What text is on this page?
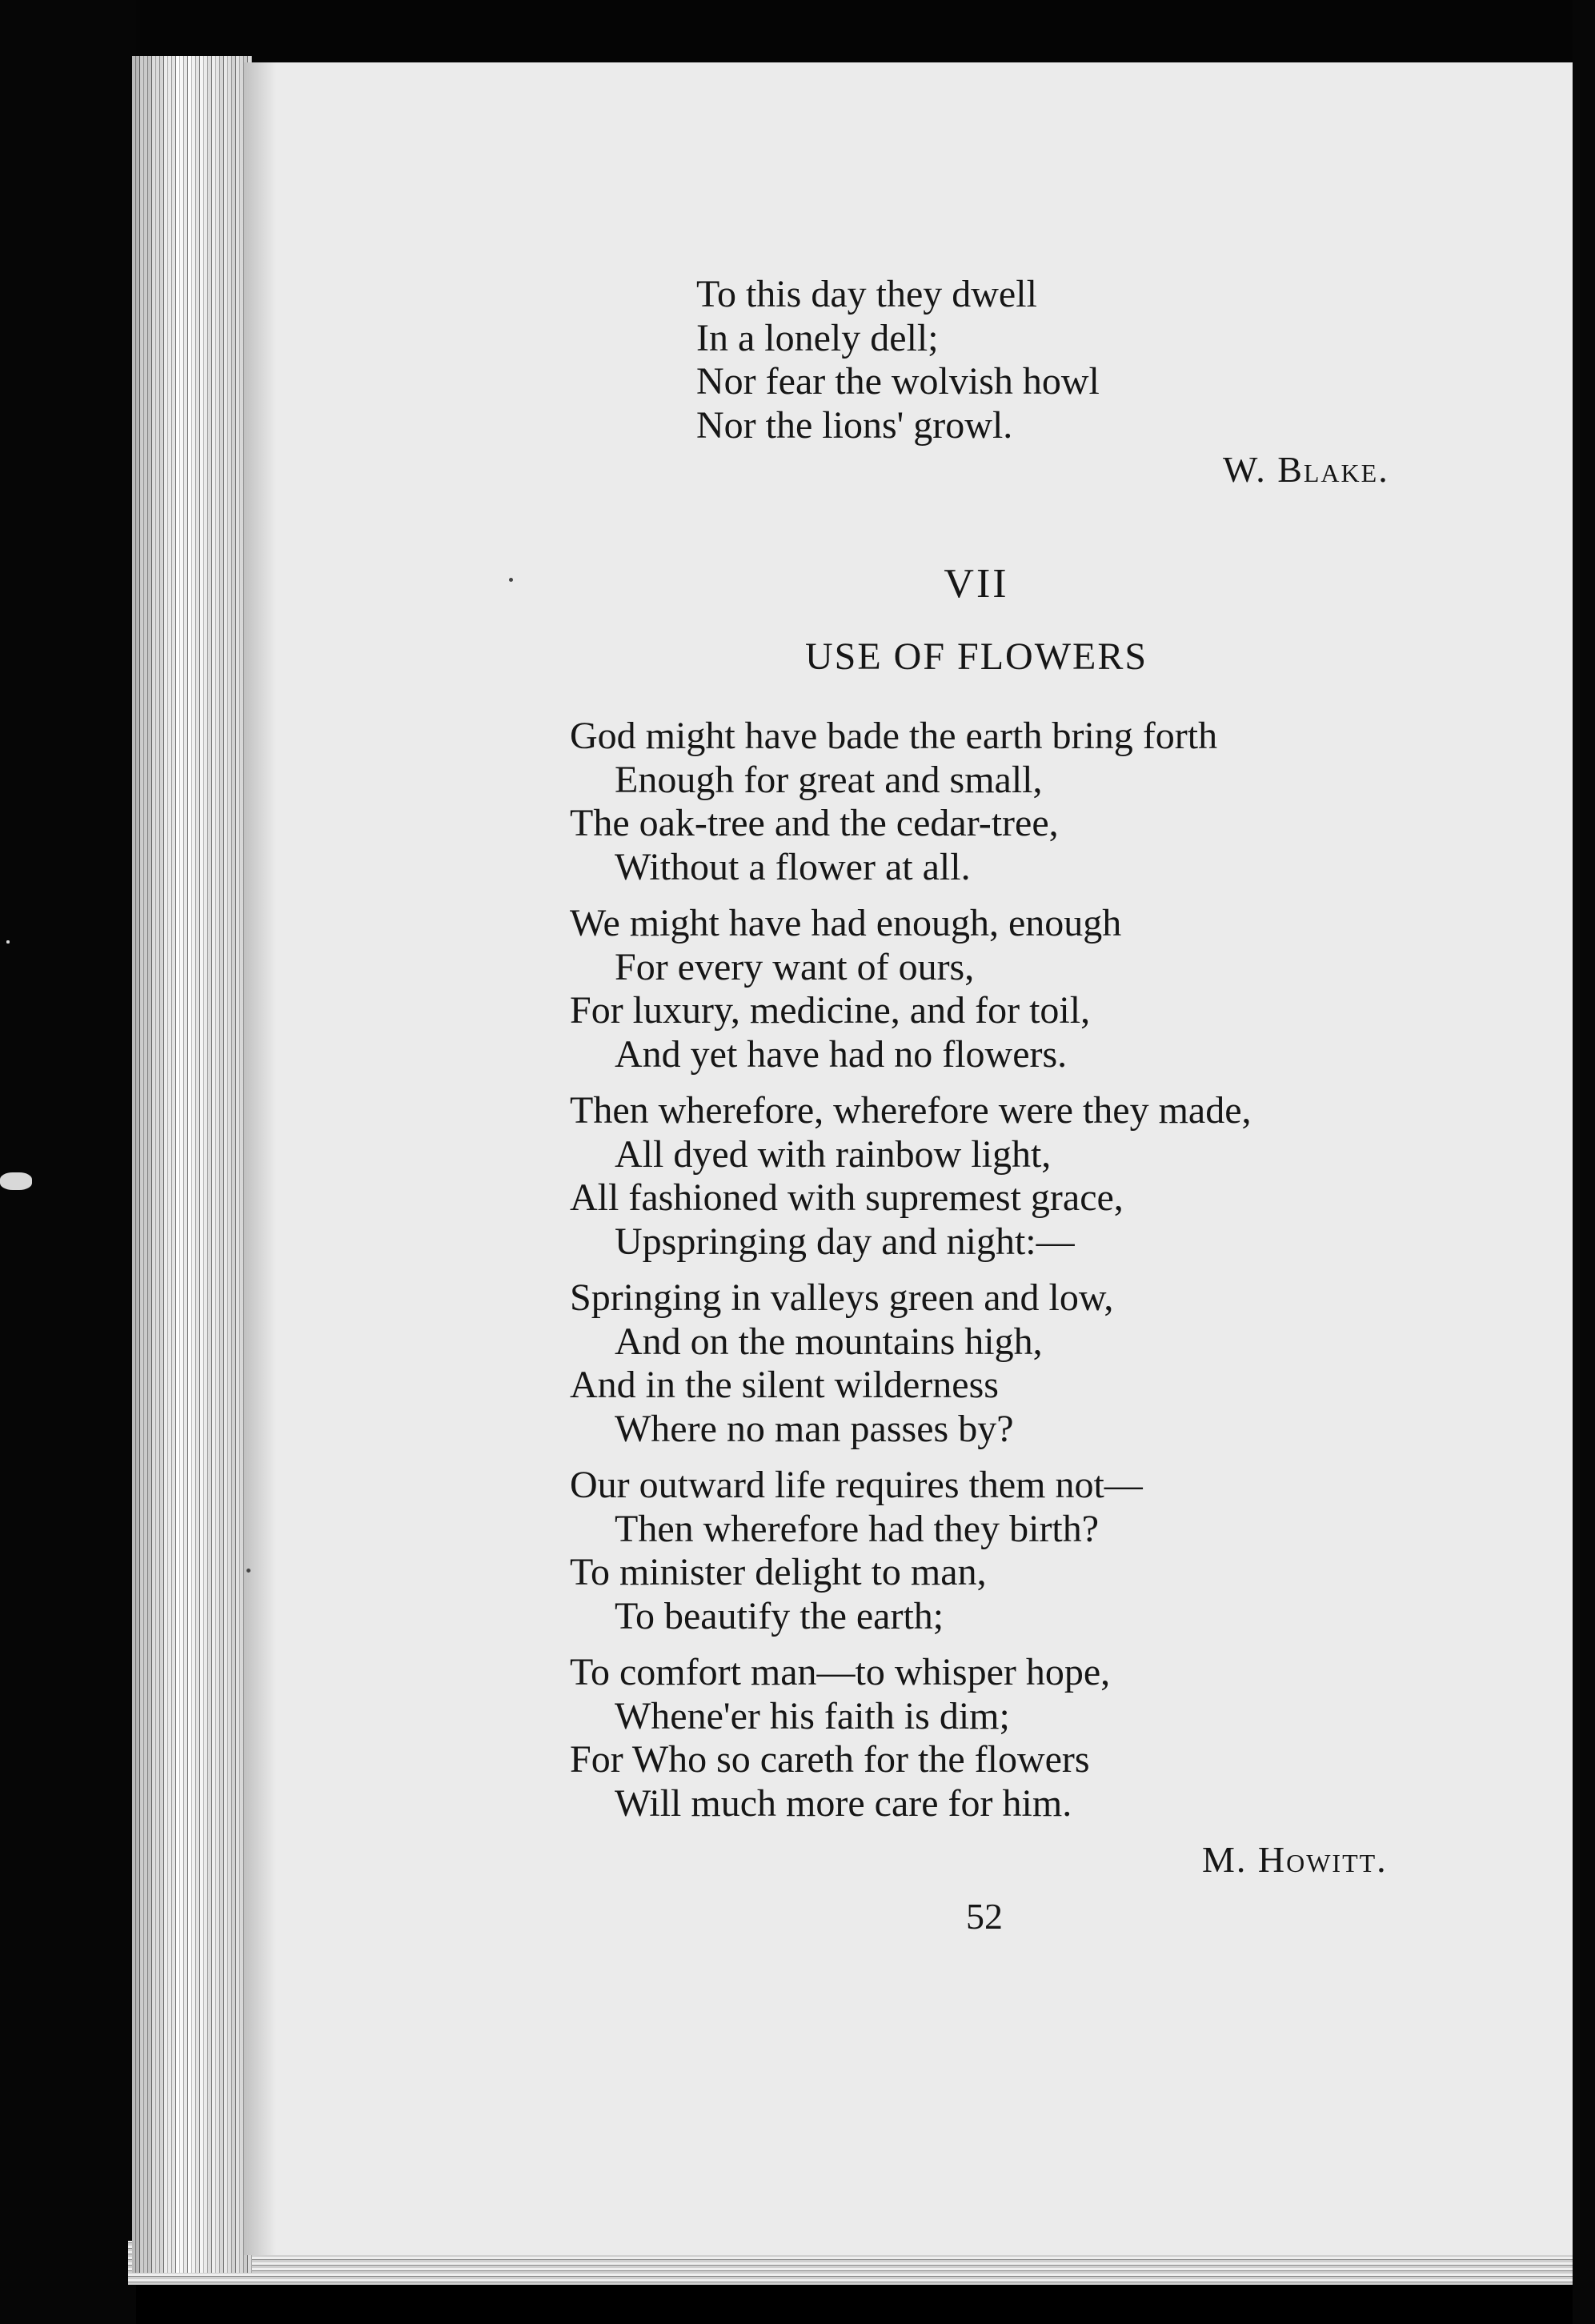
To this day they dwell
In a lonely dell;
Nor fear the wolvish howl
Nor the lions' growl.
W. Blake.
VII
USE OF FLOWERS
God might have bade the earth bring forth
Enough for great and small,
The oak-tree and the cedar-tree,
Without a flower at all.
We might have had enough, enough
For every want of ours,
For luxury, medicine, and for toil,
And yet have had no flowers.
Then wherefore, wherefore were they made,
All dyed with rainbow light,
All fashioned with supremest grace,
Upspringing day and night:—
Springing in valleys green and low,
And on the mountains high,
And in the silent wilderness
Where no man passes by?
Our outward life requires them not—
Then wherefore had they birth?
To minister delight to man,
To beautify the earth;
To comfort man—to whisper hope,
Whene'er his faith is dim;
For Who so careth for the flowers
Will much more care for him.
M. Howitt.
52
